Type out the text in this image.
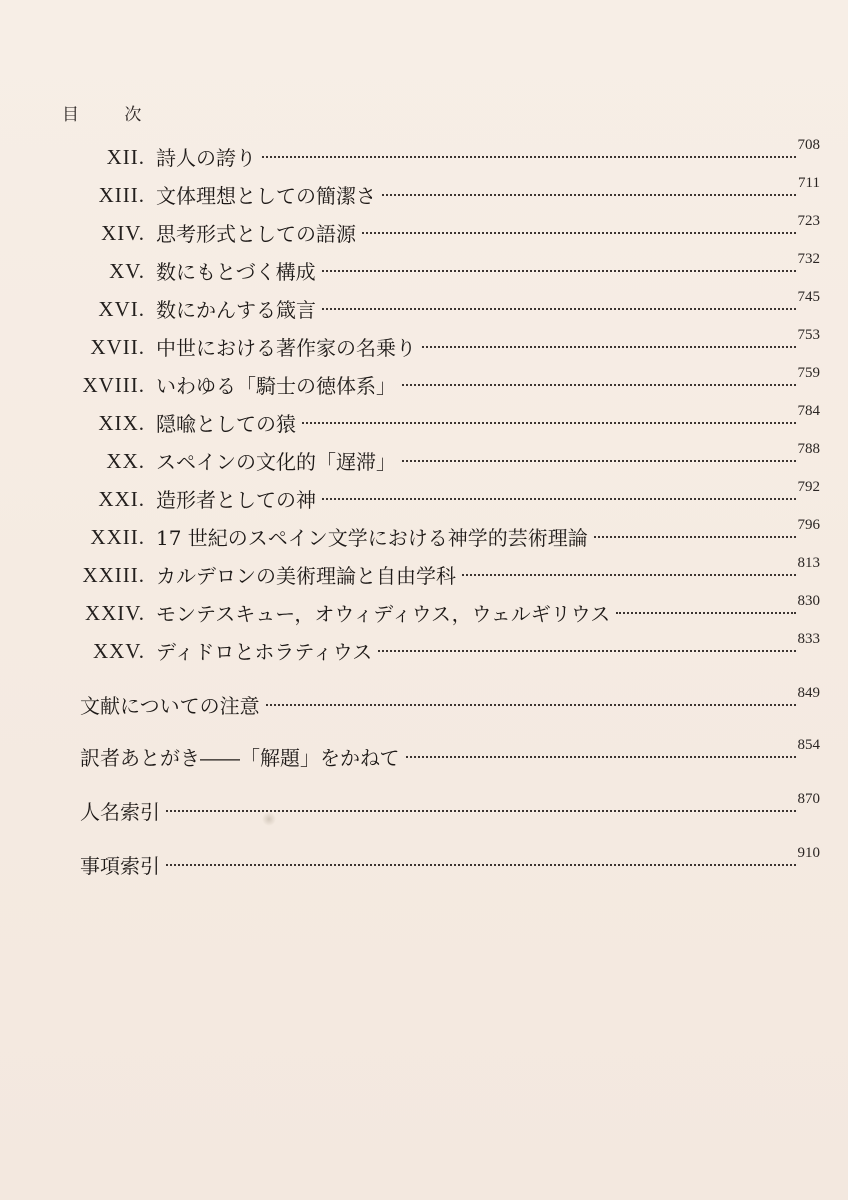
目 次
XII. 詩人の誇り
708
XIII. 文体理想としての簡潔さ
711
XIV. 思考形式としての語源
723
XV. 数にもとづく構成
732
XVI. 数にかんする箴言
745
XVII. 中世における著作家の名乗り
753
XVIII. いわゆる「騎士の徳体系」
759
XIX. 隠喩としての猿
784
XX. スペインの文化的「遅滞」
788
XXI. 造形者としての神
792
XXII. 17 世紀のスペイン文学における神学的芸術理論
796
XXIII. カルデロンの美術理論と自由学科
813
XXIV. モンテスキュー，オウィディウス，ウェルギリウス
830
XXV. ディドロとホラティウス
833
文献についての注意
849
訳者あとがき――「解題」をかねて
854
人名索引
870
事項索引
910
